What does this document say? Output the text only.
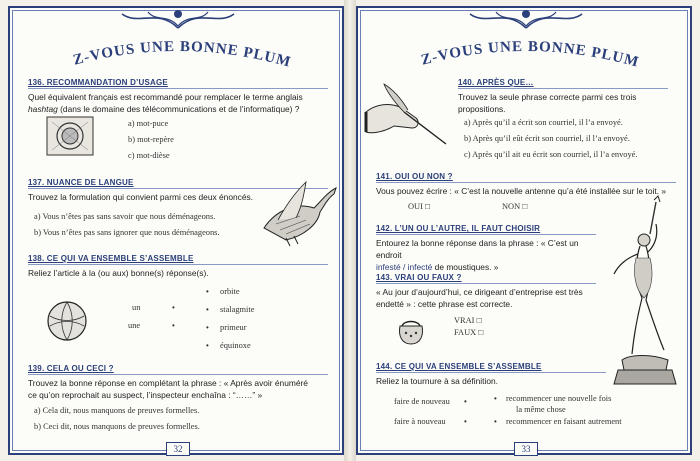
Z-VOUS UNE BONNE PLUM
136. RECOMMANDATION D’USAGE
Quel équivalent français est recommandé pour remplacer le terme anglais
hashtag (dans le domaine des télécommunications et de l’informatique) ?
a) mot-puce
b) mot-repère
c) mot-dièse
137. NUANCE DE LANGUE
Trouvez la formulation qui convient parmi ces deux énoncés.
a) Vous n’êtes pas sans savoir que nous déménageons.
b) Vous n’êtes pas sans ignorer que nous déménageons.
138. CE QUI VA ENSEMBLE S’ASSEMBLE
Reliez l’article à la (ou aux) bonne(s) réponse(s).
un	•
une	•
• orbite
• stalagmite
• primeur
• équinoxe
139. CELA OU CECI ?
Trouvez la bonne réponse en complétant la phrase : « Après avoir énuméré
ce qu’on reprochait au suspect, l’inspecteur enchaîna : “……” »
a) Cela dit, nous manquons de preuves formelles.
b) Ceci dit, nous manquons de preuves formelles.
32
Z-VOUS UNE BONNE PLUM
140. APRÈS QUE…
Trouvez la seule phrase correcte parmi ces trois
propositions.
a) Après qu’il a écrit son courriel, il l’a envoyé.
b) Après qu’il eût écrit son courriel, il l’a envoyé.
c) Après qu’il ait eu écrit son courriel, il l’a envoyé.
141. OUI OU NON ?
Vous pouvez écrire : « C’est la nouvelle antenne qu’a été installée sur le toit. »
OUI □	NON □
142. L’UN OU L’AUTRE, IL FAUT CHOISIR
Entourez la bonne réponse dans la phrase : « C’est un endroit
infesté / infecté de moustiques. »
143. VRAI OU FAUX ?
« Au jour d’aujourd’hui, ce dirigeant d’entreprise est très
endetté » : cette phrase est correcte.
VRAI □
FAUX □
144. CE QUI VA ENSEMBLE S’ASSEMBLE
Reliez la tournure à sa définition.
faire de nouveau •
faire à nouveau •
• recommencer une nouvelle fois
la même chose
• recommencer en faisant autrement
33
